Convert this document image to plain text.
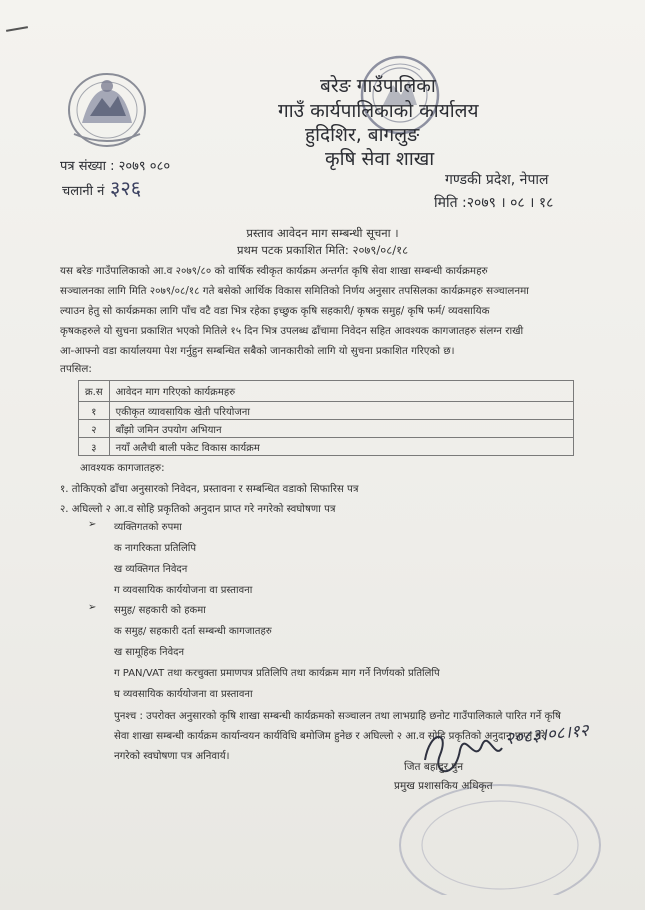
बरेङ गाउँपालिका
गाउँ कार्यपालिकाको कार्यालय
हुदिशिर, बागलुङ
कृषि सेवा शाखा
पत्र संख्या : २०७९ ०८०
चलानी नं ३२६	गण्डकी प्रदेश, नेपाल
मिति :२०७९ । ०८ । १८
प्रस्ताव आवेदन माग सम्बन्धी सूचना ।
प्रथम पटक प्रकाशित मिति: २०७९/०८/१८
यस बरेङ गाउँपालिकाको आ.व २०७९/८० को वार्षिक स्वीकृत कार्यक्रम अन्तर्गत कृषि सेवा शाखा सम्बन्धी कार्यक्रमहरु
सञ्चालनका लागि मिति २०७९/०८/१८ गते बसेको आर्थिक विकास समितिको निर्णय अनुसार तपसिलका कार्यक्रमहरु सञ्चालनमा
ल्याउन हेतु सो कार्यक्रमका लागि पाँच वटै वडा भित्र रहेका इच्छुक कृषि सहकारी/ कृषक समुह/ कृषि फर्म/ व्यवसायिक
कृषकहरुले यो सुचना प्रकाशित भएको मितिले १५ दिन भित्र उपलब्ध ढाँचामा निवेदन सहित आवश्यक कागजातहरु संलग्न राखी
आ-आफ्नो वडा कार्यालयमा पेश गर्नुहुन सम्बन्धित सबैको जानकारीको लागि यो सुचना प्रकाशित गरिएको छ।
तपसिल:
क्र.स	आवेदन माग गरिएको कार्यक्रमहरु
१	एकीकृत व्यावसायिक खेती परियोजना
२	बाँझो जमिन उपयोग अभियान
३	नयाँ अलैची बाली पकेट विकास कार्यक्रम
आवश्यक कागजातहरु:
१. तोकिएको ढाँचा अनुसारको निवेदन, प्रस्तावना र सम्बन्धित वडाको सिफारिस पत्र
२. अघिल्लो २ आ.व सोहि प्रकृतिको अनुदान प्राप्त गरे नगरेको स्वघोषणा पत्र
➢ व्यक्तिगतको रुपमा
क नागरिकता प्रतिलिपि
ख व्यक्तिगत निवेदन
ग व्यवसायिक कार्ययोजना वा प्रस्तावना
➢ समुह/ सहकारी को हकमा
क समुह/ सहकारी दर्ता सम्बन्धी कागजातहरु
ख सामूहिक निवेदन
ग PAN/VAT तथा करचुक्ता प्रमाणपत्र प्रतिलिपि तथा कार्यक्रम माग गर्ने निर्णयको प्रतिलिपि
घ व्यवसायिक कार्ययोजना वा प्रस्तावना
पुनश्च : उपरोक्त अनुसारको कृषि शाखा सम्बन्धी कार्यक्रमको सञ्चालन तथा लाभग्राहि छनोट गाउँपालिकाले पारित गर्ने कृषि
सेवा शाखा सम्बन्धी कार्यक्रम कार्यान्वयन कार्यविधि बमोजिम हुनेछ र अघिल्लो २ आ.व सोहि प्रकृतिको अनुदान प्राप्त गरे
नगरेको स्वघोषणा पत्र अनिवार्य।
२०८३।०८।१२
जित बहादुर पुन
प्रमुख प्रशासकिय अधिकृत
